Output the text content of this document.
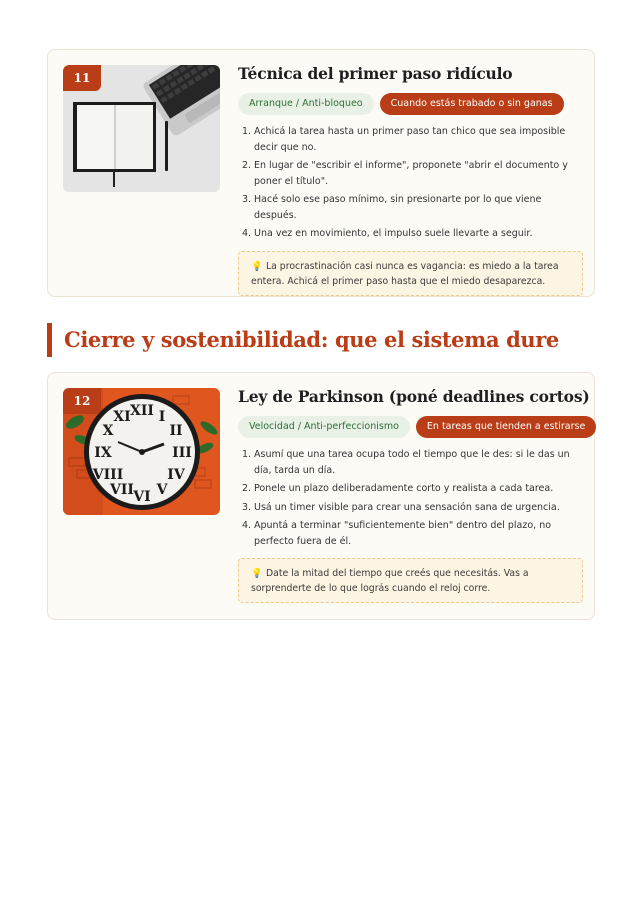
11	Técnica del primer paso ridículo
Arranque / Anti-bloqueo	Cuando estás trabado o sin ganas
1. Achicá la tarea hasta un primer paso tan chico que sea imposible decir que no.
2. En lugar de "escribir el informe", proponete "abrir el documento y poner el título".
3. Hacé solo ese paso mínimo, sin presionarte por lo que viene después.
4. Una vez en movimiento, el impulso suele llevarte a seguir.
💡 La procrastinación casi nunca es vagancia: es miedo a la tarea entera. Achicá el primer paso hasta que el miedo desaparezca.
Cierre y sostenibilidad: que el sistema dure
XII I
II
III
IV
V
VI
VII
VIII
IX
X
XI
12	Ley de Parkinson (poné deadlines cortos)
Velocidad / Anti-perfeccionismo	En tareas que tienden a estirarse
1. Asumí que una tarea ocupa todo el tiempo que le des: si le das un día, tarda un día.
2. Ponele un plazo deliberadamente corto y realista a cada tarea.
3. Usá un timer visible para crear una sensación sana de urgencia.
4. Apuntá a terminar "suficientemente bien" dentro del plazo, no perfecto fuera de él.
💡 Date la mitad del tiempo que creés que necesitás. Vas a sorprenderte de lo que lográs cuando el reloj corre.
